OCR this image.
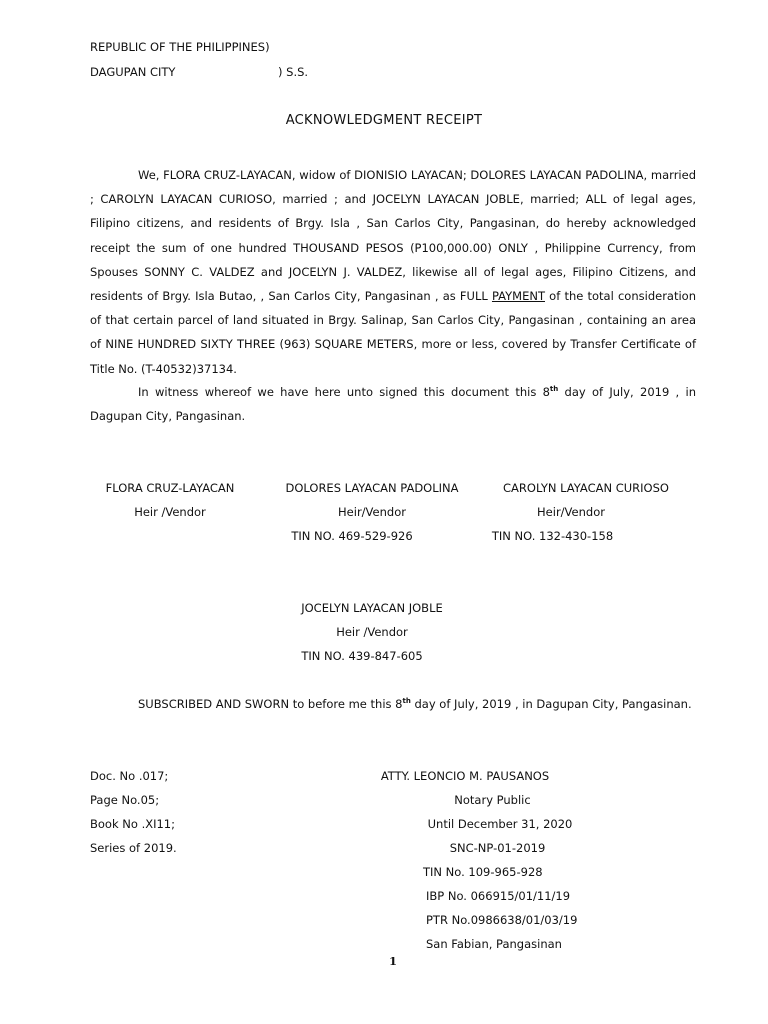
REPUBLIC OF THE PHILIPPINES)
DAGUPAN CITY	) S.S.
ACKNOWLEDGMENT RECEIPT

We, FLORA CRUZ-LAYACAN, widow of DIONISIO LAYACAN; DOLORES LAYACAN PADOLINA, married ; CAROLYN LAYACAN CURIOSO, married ; and JOCELYN LAYACAN JOBLE, married; ALL of legal ages, Filipino citizens, and residents of Brgy. Isla , San Carlos City, Pangasinan, do hereby acknowledged receipt the sum of one hundred THOUSAND PESOS (P100,000.00) ONLY , Philippine Currency, from Spouses SONNY C. VALDEZ and JOCELYN J. VALDEZ, likewise all of legal ages, Filipino Citizens, and residents of Brgy. Isla Butao, , San Carlos City, Pangasinan , as FULL PAYMENT of the total consideration of that certain parcel of land situated in Brgy. Salinap, San Carlos City, Pangasinan , containing an area of NINE HUNDRED SIXTY THREE (963) SQUARE METERS, more or less, covered by Transfer Certificate of Title No. (T-40532)37134.

In witness whereof we have here unto signed this document this 8th day of July, 2019 , in Dagupan City, Pangasinan.

FLORA CRUZ-LAYACAN
Heir /Vendor
DOLORES LAYACAN PADOLINA
Heir/Vendor
TIN NO. 469-529-926
CAROLYN LAYACAN CURIOSO
Heir/Vendor
TIN NO. 132-430-158
JOCELYN LAYACAN JOBLE
Heir /Vendor
TIN NO. 439-847-605

SUBSCRIBED AND SWORN to before me this 8th day of July, 2019 , in Dagupan City, Pangasinan.

Doc. No .017;
Page No.05;
Book No .XI11;
Series of 2019.
ATTY. LEONCIO M. PAUSANOS
Notary Public
Until December 31, 2020
SNC-NP-01-2019
TIN No. 109-965-928
IBP No. 066915/01/11/19
PTR No.0986638/01/03/19
San Fabian, Pangasinan
1
